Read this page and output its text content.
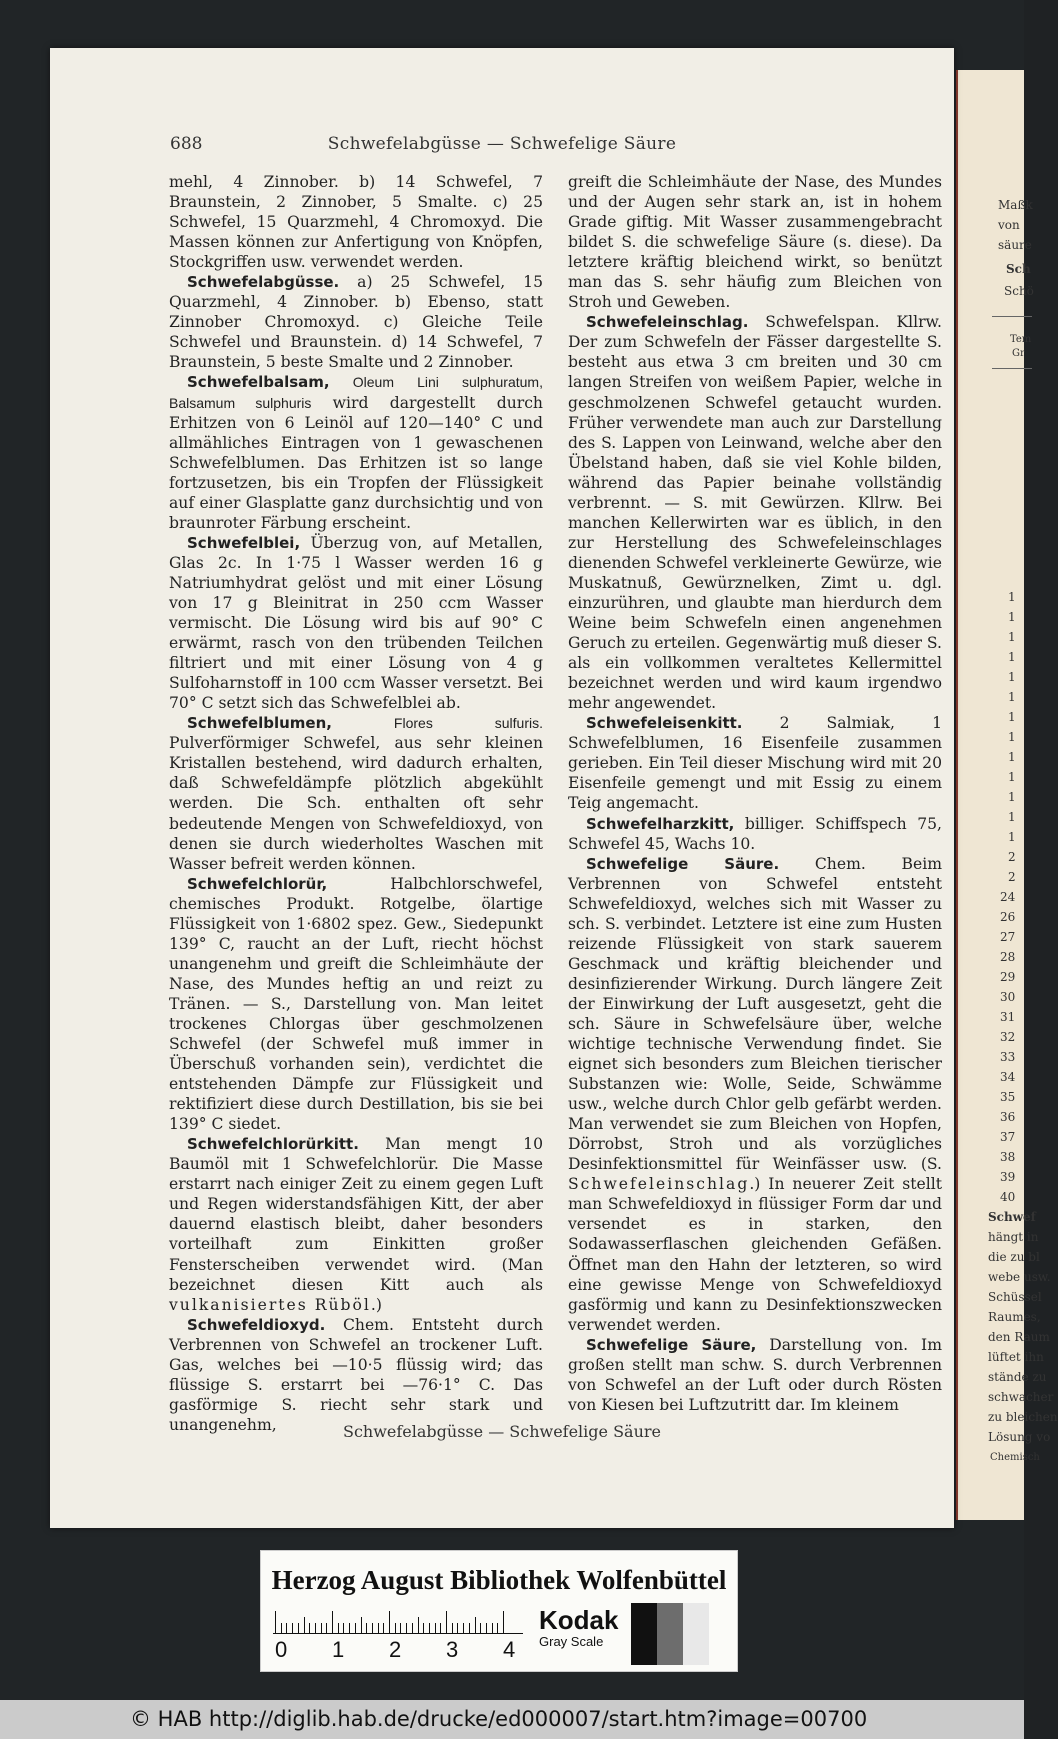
Maßk
von
säure
Sch
Schö
Tem
Gr
Schwef
hängt in
die zu bl
webe usw.
Schüssel
Raumes,
den Raum
lüftet ihn
stände zu
schwacher
zu bleichen
Lösung vo
Chemisch
1
1
1
1
1
1
1
1
1
1
1
1
1
2
2
24
26
27
28
29
30
31
32
33
34
35
36
37
38
39
40
688	Schwefelabgüsse — Schwefelige Säure

mehl, 4 Zinnober. b) 14 Schwefel, 7 Braunstein, 2 Zinnober, 5 Smalte. c) 25 Schwefel, 15 Quarzmehl, 4 Chromoxyd. Die Massen können zur Anfertigung von Knöpfen, Stockgriffen usw. verwendet werden.

Schwefelabgüsse. a) 25 Schwefel, 15 Quarzmehl, 4 Zinnober. b) Ebenso, statt Zinnober Chromoxyd. c) Gleiche Teile Schwefel und Braunstein. d) 14 Schwefel, 7 Braunstein, 5 beste Smalte und 2 Zinnober.

Schwefelbalsam, Oleum Lini sulphuratum, Balsamum sulphuris wird dargestellt durch Erhitzen von 6 Leinöl auf 120—140° C und allmähliches Eintragen von 1 gewaschenen Schwefelblumen. Das Erhitzen ist so lange fortzusetzen, bis ein Tropfen der Flüssigkeit auf einer Glasplatte ganz durchsichtig und von braunroter Färbung erscheint.

Schwefelblei, Überzug von, auf Metallen, Glas 2c. In 1·75 l Wasser werden 16 g Natriumhydrat gelöst und mit einer Lösung von 17 g Bleinitrat in 250 ccm Wasser vermischt. Die Lösung wird bis auf 90° C erwärmt, rasch von den trübenden Teilchen filtriert und mit einer Lösung von 4 g Sulfoharnstoff in 100 ccm Wasser versetzt. Bei 70° C setzt sich das Schwefelblei ab.

Schwefelblumen, Flores sulfuris. Pulverförmiger Schwefel, aus sehr kleinen Kristallen bestehend, wird dadurch erhalten, daß Schwefeldämpfe plötzlich abgekühlt werden. Die Sch. enthalten oft sehr bedeutende Mengen von Schwefeldioxyd, von denen sie durch wiederholtes Waschen mit Wasser befreit werden können.

Schwefelchlorür, Halbchlorschwefel, chemisches Produkt. Rotgelbe, ölartige Flüssigkeit von 1·6802 spez. Gew., Siedepunkt 139° C, raucht an der Luft, riecht höchst unangenehm und greift die Schleimhäute der Nase, des Mundes heftig an und reizt zu Tränen. — S., Darstellung von. Man leitet trockenes Chlorgas über geschmolzenen Schwefel (der Schwefel muß immer in Überschuß vorhanden sein), verdichtet die entstehenden Dämpfe zur Flüssigkeit und rektifiziert diese durch Destillation, bis sie bei 139° C siedet.

Schwefelchlorürkitt. Man mengt 10 Baumöl mit 1 Schwefelchlorür. Die Masse erstarrt nach einiger Zeit zu einem gegen Luft und Regen widerstandsfähigen Kitt, der aber dauernd elastisch bleibt, daher besonders vorteilhaft zum Einkitten großer Fensterscheiben verwendet wird. (Man bezeichnet diesen Kitt auch als vulkanisiertes Rüböl.)

Schwefeldioxyd. Chem. Entsteht durch Verbrennen von Schwefel an trockener Luft. Gas, welches bei —10·5 flüssig wird; das flüssige S. erstarrt bei —76·1° C. Das gasförmige S. riecht sehr stark und unangenehm,

greift die Schleimhäute der Nase, des Mundes und der Augen sehr stark an, ist in hohem Grade giftig. Mit Wasser zusammengebracht bildet S. die schwefelige Säure (s. diese). Da letztere kräftig bleichend wirkt, so benützt man das S. sehr häufig zum Bleichen von Stroh und Geweben.

Schwefeleinschlag. Schwefelspan. Kllrw. Der zum Schwefeln der Fässer dargestellte S. besteht aus etwa 3 cm breiten und 30 cm langen Streifen von weißem Papier, welche in geschmolzenen Schwefel getaucht wurden. Früher verwendete man auch zur Darstellung des S. Lappen von Leinwand, welche aber den Übelstand haben, daß sie viel Kohle bilden, während das Papier beinahe vollständig verbrennt. — S. mit Gewürzen. Kllrw. Bei manchen Kellerwirten war es üblich, in den zur Herstellung des Schwefeleinschlages dienenden Schwefel verkleinerte Gewürze, wie Muskatnuß, Gewürznelken, Zimt u. dgl. einzurühren, und glaubte man hierdurch dem Weine beim Schwefeln einen angenehmen Geruch zu erteilen. Gegenwärtig muß dieser S. als ein vollkommen veraltetes Kellermittel bezeichnet werden und wird kaum irgendwo mehr angewendet.

Schwefeleisenkitt. 2 Salmiak, 1 Schwefelblumen, 16 Eisenfeile zusammen gerieben. Ein Teil dieser Mischung wird mit 20 Eisenfeile gemengt und mit Essig zu einem Teig angemacht.

Schwefelharzkitt, billiger. Schiffspech 75, Schwefel 45, Wachs 10.

Schwefelige Säure. Chem. Beim Verbrennen von Schwefel entsteht Schwefeldioxyd, welches sich mit Wasser zu sch. S. verbindet. Letztere ist eine zum Husten reizende Flüssigkeit von stark sauerem Geschmack und kräftig bleichender und desinfizierender Wirkung. Durch längere Zeit der Einwirkung der Luft ausgesetzt, geht die sch. Säure in Schwefelsäure über, welche wichtige technische Verwendung findet. Sie eignet sich besonders zum Bleichen tierischer Substanzen wie: Wolle, Seide, Schwämme usw., welche durch Chlor gelb gefärbt werden. Man verwendet sie zum Bleichen von Hopfen, Dörrobst, Stroh und als vorzügliches Desinfektionsmittel für Weinfässer usw. (S. Schwefeleinschlag.) In neuerer Zeit stellt man Schwefeldioxyd in flüssiger Form dar und versendet es in starken, den Sodawasserflaschen gleichenden Gefäßen. Öffnet man den Hahn der letzteren, so wird eine gewisse Menge von Schwefeldioxyd gasförmig und kann zu Desinfektionszwecken verwendet werden.

Schwefelige Säure, Darstellung von. Im großen stellt man schw. S. durch Verbrennen von Schwefel an der Luft oder durch Rösten von Kiesen bei Luftzutritt dar. Im kleinem

Schwefelabgüsse — Schwefelige Säure
Herzog August Bibliothek Wolfenbüttel
0 1 2 3 4
Kodak
Gray Scale
© HAB http://diglib.hab.de/drucke/ed000007/start.htm?image=00700
